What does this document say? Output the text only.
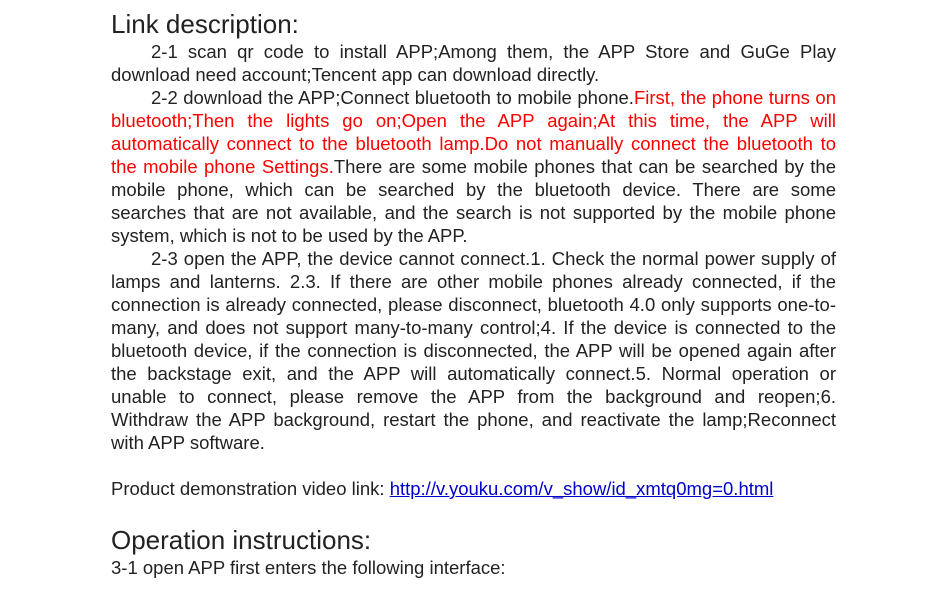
Link description:

2-1 scan qr code to install APP;Among them, the APP Store and GuGe Play download need account;Tencent app can download directly.

2-2 download the APP;Connect bluetooth to mobile phone.First, the phone turns on bluetooth;Then the lights go on;Open the APP again;At this time, the APP will automatically connect to the bluetooth lamp.Do not manually connect the bluetooth to the mobile phone Settings.There are some mobile phones that can be searched by the mobile phone, which can be searched by the bluetooth device. There are some searches that are not available, and the search is not supported by the mobile phone system, which is not to be used by the APP.

2-3 open the APP, the device cannot connect.1. Check the normal power supply of lamps and lanterns. 2.3. If there are other mobile phones already connected, if the connection is already connected, please disconnect, bluetooth 4.0 only supports one-to-many, and does not support many-to-many control;4. If the device is connected to the bluetooth device, if the connection is disconnected, the APP will be opened again after the backstage exit, and the APP will automatically connect.5. Normal operation or unable to connect, please remove the APP from the background and reopen;6. Withdraw the APP background, restart the phone, and reactivate the lamp;Reconnect with APP software.

Product demonstration video link: http://v.youku.com/v_show/id_xmtq0mg=0.html
Operation instructions:

3-1 open APP first enters the following interface:
